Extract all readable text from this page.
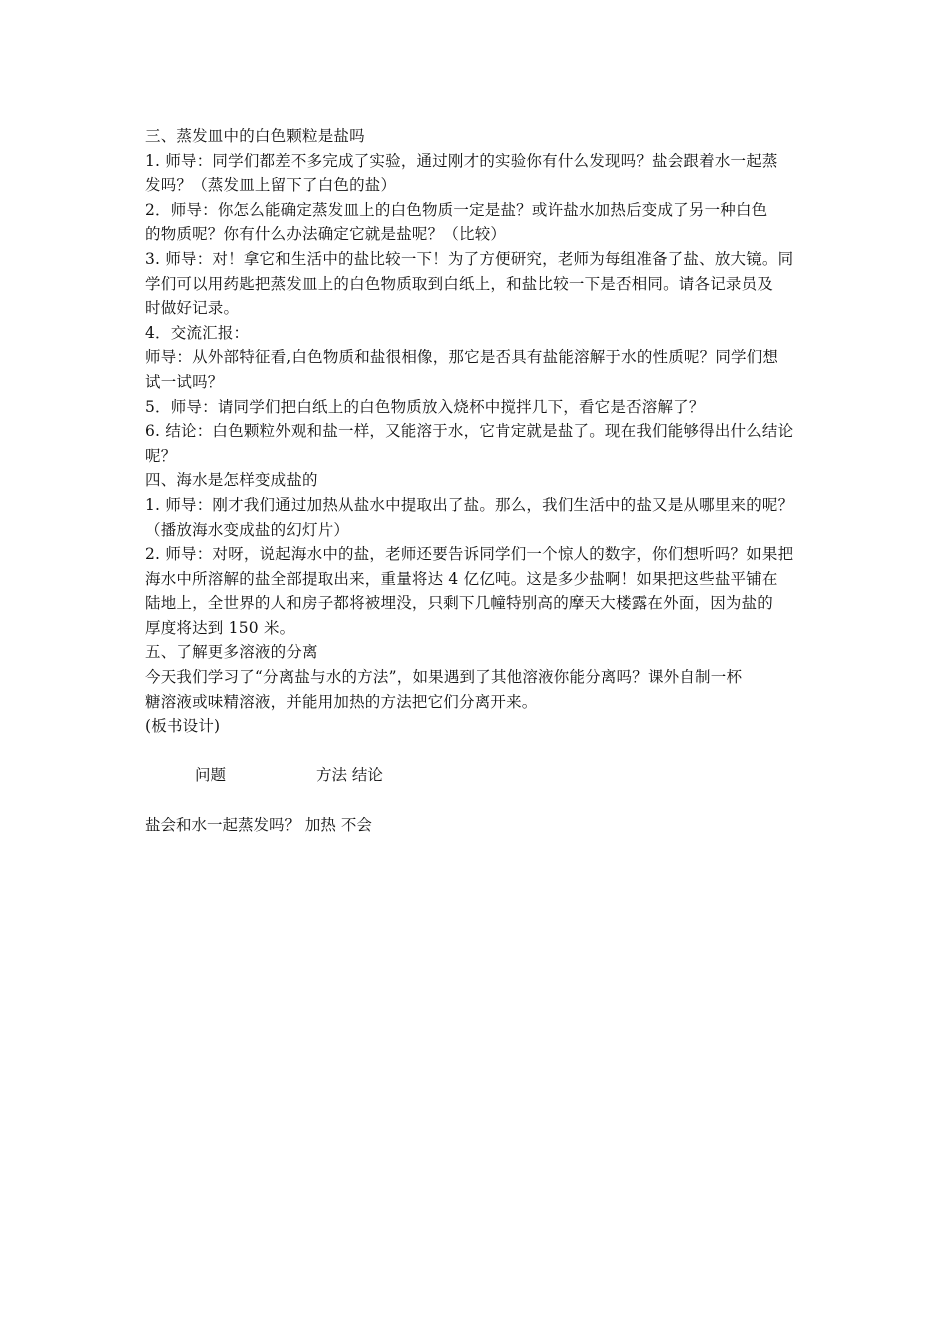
三、蒸发皿中的白色颗粒是盐吗
1. 师导：同学们都差不多完成了实验，通过刚才的实验你有什么发现吗？盐会跟着水一起蒸
发吗？（蒸发皿上留下了白色的盐）
2．师导：你怎么能确定蒸发皿上的白色物质一定是盐？或许盐水加热后变成了另一种白色
的物质呢？你有什么办法确定它就是盐呢？（比较）
3. 师导：对！拿它和生活中的盐比较一下！为了方便研究，老师为每组准备了盐、放大镜。同
学们可以用药匙把蒸发皿上的白色物质取到白纸上，和盐比较一下是否相同。请各记录员及
时做好记录。
4．交流汇报：
师导：从外部特征看,白色物质和盐很相像，那它是否具有盐能溶解于水的性质呢？同学们想
试一试吗？
5．师导：请同学们把白纸上的白色物质放入烧杯中搅拌几下，看它是否溶解了？
6. 结论：白色颗粒外观和盐一样，又能溶于水，它肯定就是盐了。现在我们能够得出什么结论
呢？
四、海水是怎样变成盐的
1. 师导：刚才我们通过加热从盐水中提取出了盐。那么，我们生活中的盐又是从哪里来的呢？
（播放海水变成盐的幻灯片）
2. 师导：对呀，说起海水中的盐，老师还要告诉同学们一个惊人的数字，你们想听吗？如果把
海水中所溶解的盐全部提取出来，重量将达 4 亿亿吨。这是多少盐啊！如果把这些盐平铺在
陆地上，全世界的人和房子都将被埋没，只剩下几幢特别高的摩天大楼露在外面，因为盐的
厚度将达到 150 米。
五、了解更多溶液的分离
今天我们学习了“分离盐与水的方法”，如果遇到了其他溶液你能分离吗？课外自制一杯
糖溶液或味精溶液，并能用加热的方法把它们分离开来。
(板书设计)
问题	方法 结论
盐会和水一起蒸发吗？ 加热 不会
